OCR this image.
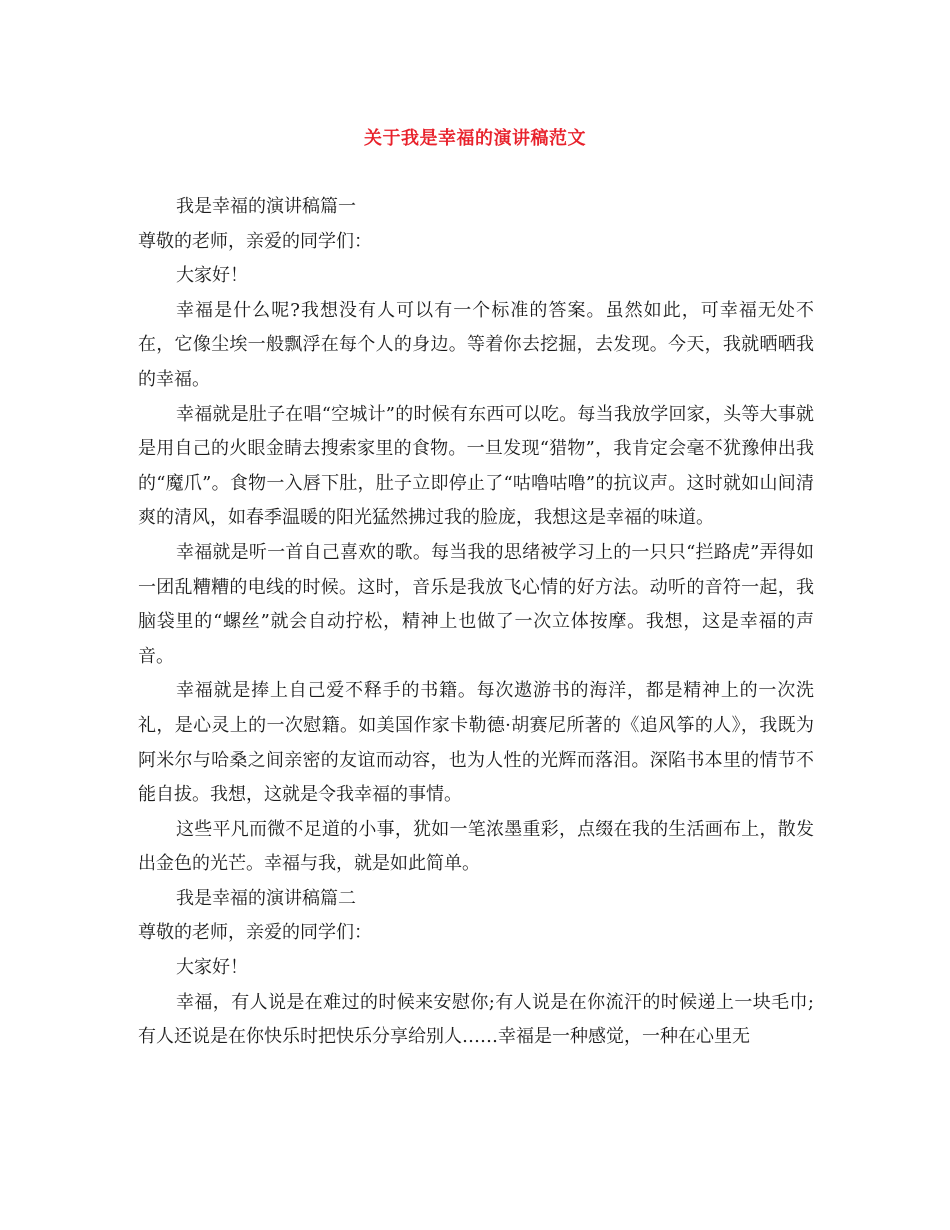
关于我是幸福的演讲稿范文

我是幸福的演讲稿篇一

尊敬的老师，亲爱的同学们：

大家好！

幸福是什么呢?我想没有人可以有一个标准的答案。虽然如此，可幸福无处不在，它像尘埃一般飘浮在每个人的身边。等着你去挖掘，去发现。今天，我就晒晒我的幸福。

幸福就是肚子在唱“空城计”的时候有东西可以吃。每当我放学回家，头等大事就是用自己的火眼金睛去搜索家里的食物。一旦发现“猎物”，我肯定会毫不犹豫伸出我的“魔爪”。食物一入唇下肚，肚子立即停止了“咕噜咕噜”的抗议声。这时就如山间清爽的清风，如春季温暖的阳光猛然拂过我的脸庞，我想这是幸福的味道。

幸福就是听一首自己喜欢的歌。每当我的思绪被学习上的一只只“拦路虎”弄得如一团乱糟糟的电线的时候。这时，音乐是我放飞心情的好方法。动听的音符一起，我脑袋里的“螺丝”就会自动拧松，精神上也做了一次立体按摩。我想，这是幸福的声音。

幸福就是捧上自己爱不释手的书籍。每次遨游书的海洋，都是精神上的一次洗礼，是心灵上的一次慰籍。如美国作家卡勒德·胡赛尼所著的《追风筝的人》，我既为阿米尔与哈桑之间亲密的友谊而动容，也为人性的光辉而落泪。深陷书本里的情节不能自拔。我想，这就是令我幸福的事情。

这些平凡而微不足道的小事，犹如一笔浓墨重彩，点缀在我的生活画布上，散发出金色的光芒。幸福与我，就是如此简单。

我是幸福的演讲稿篇二

尊敬的老师，亲爱的同学们：

大家好！

幸福，有人说是在难过的时候来安慰你;有人说是在你流汗的时候递上一块毛巾;有人还说是在你快乐时把快乐分享给别人……幸福是一种感觉，一种在心里无
